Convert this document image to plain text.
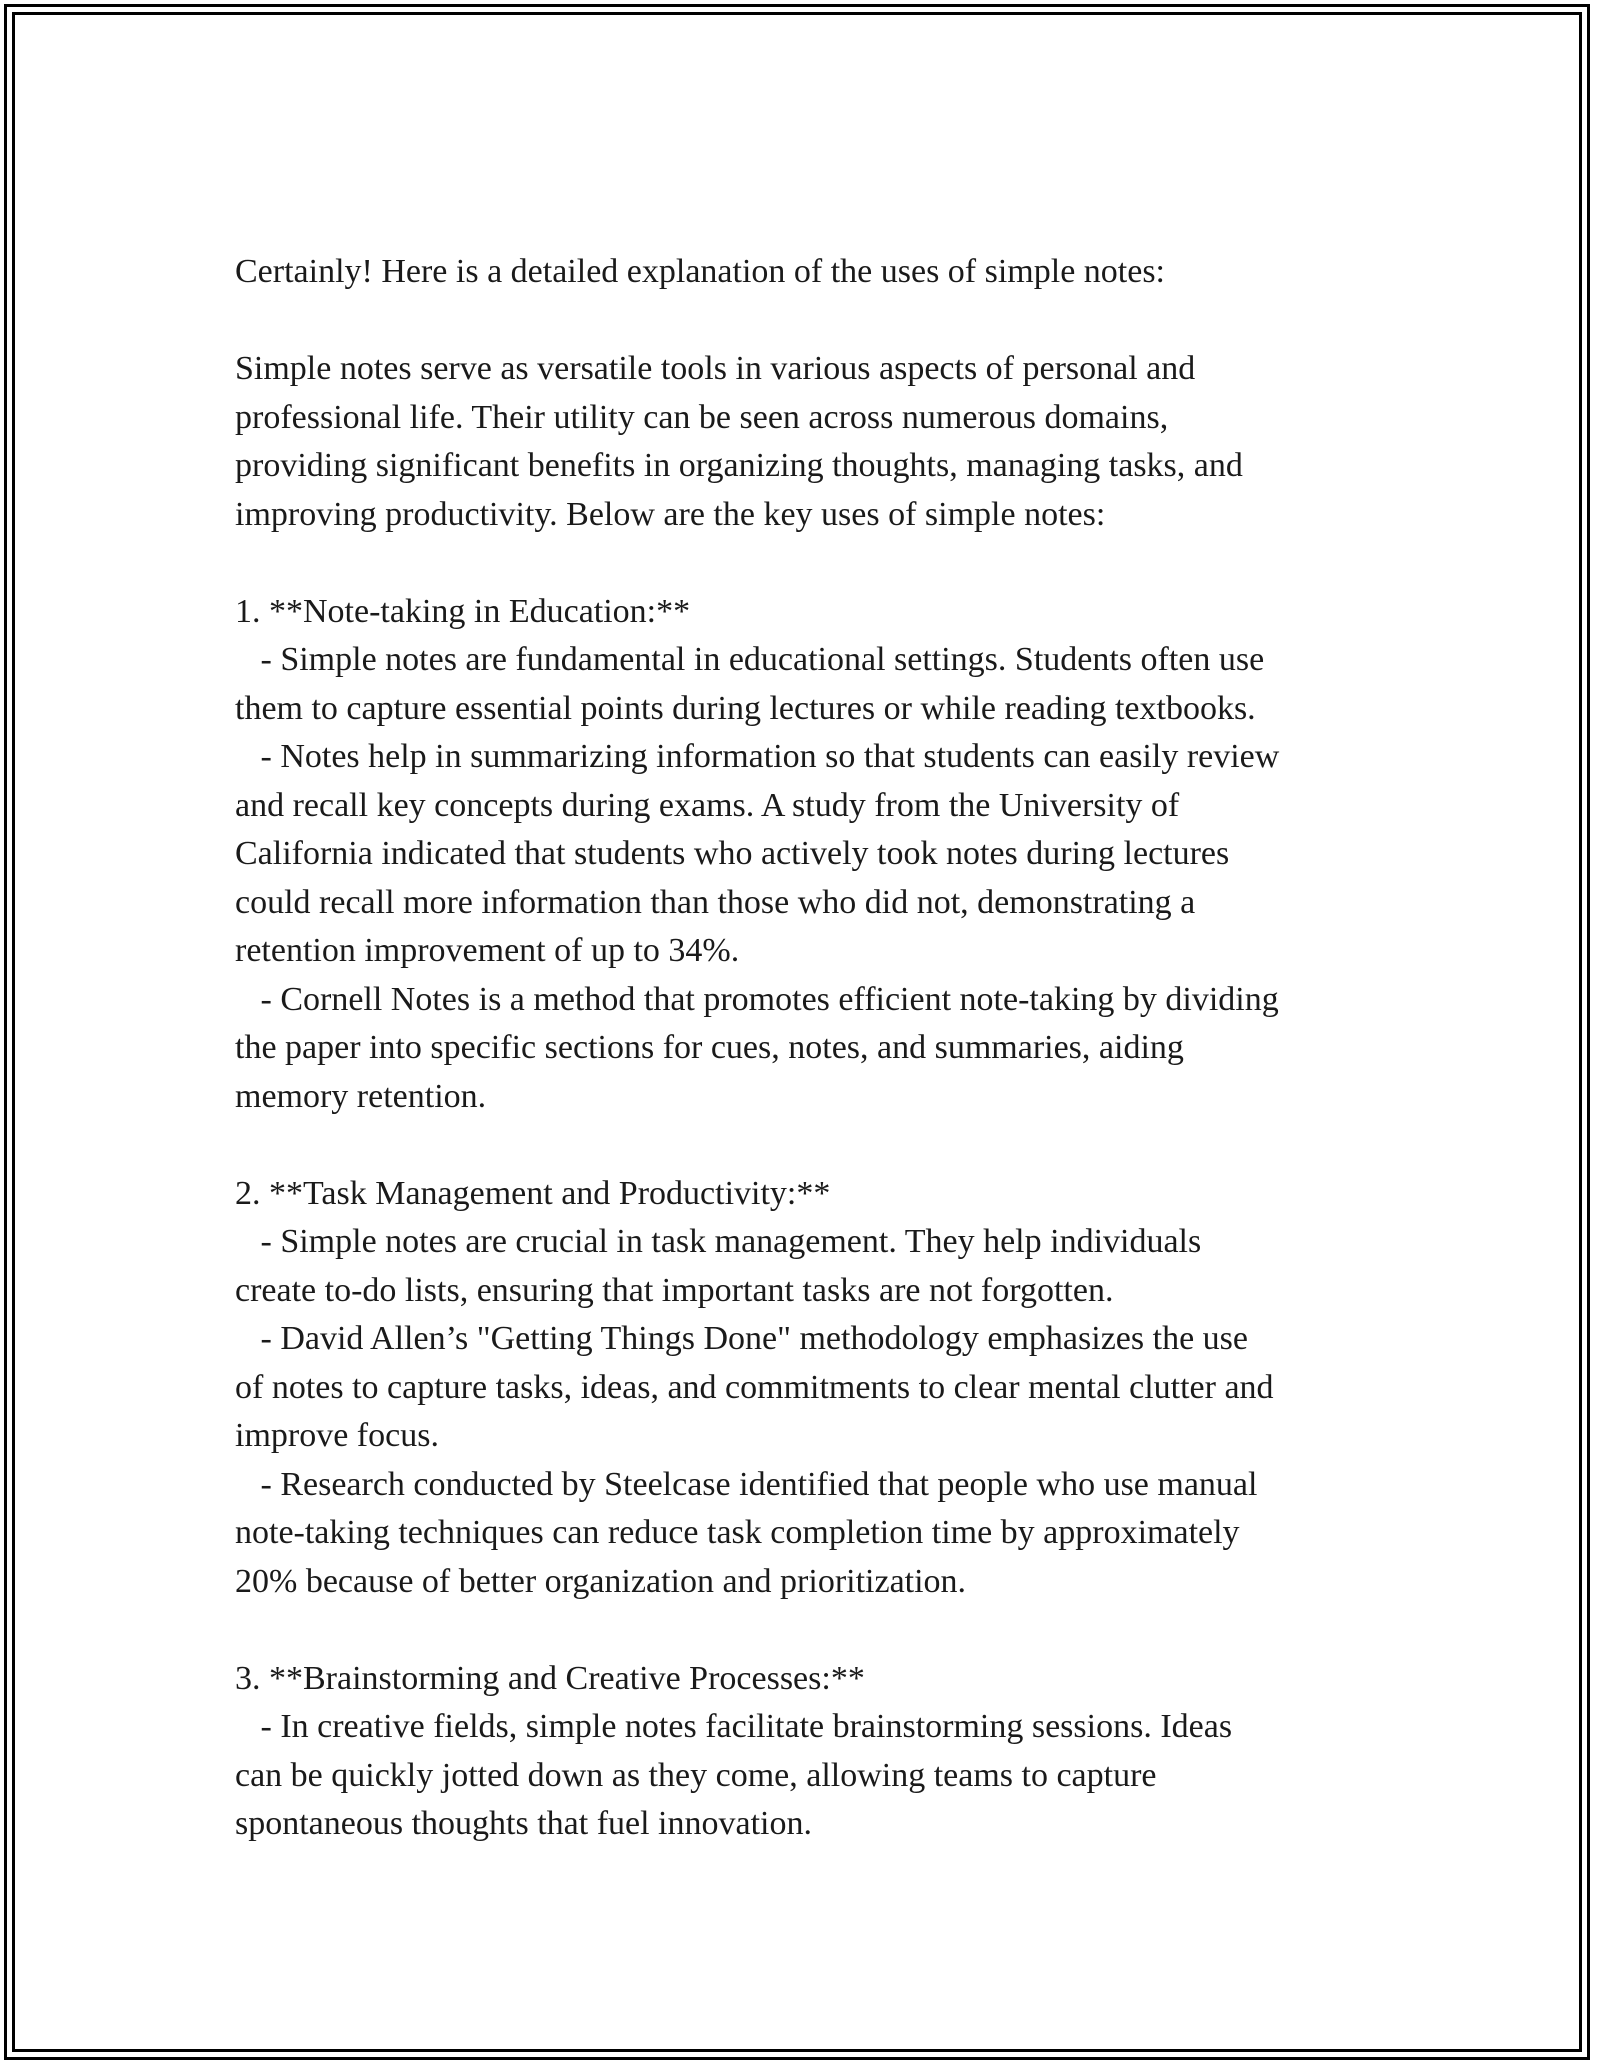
Certainly! Here is a detailed explanation of the uses of simple notes:
Simple notes serve as versatile tools in various aspects of personal and
professional life. Their utility can be seen across numerous domains,
providing significant benefits in organizing thoughts, managing tasks, and
improving productivity. Below are the key uses of simple notes:
1. **Note-taking in Education:**
- Simple notes are fundamental in educational settings. Students often use
them to capture essential points during lectures or while reading textbooks.
- Notes help in summarizing information so that students can easily review
and recall key concepts during exams. A study from the University of
California indicated that students who actively took notes during lectures
could recall more information than those who did not, demonstrating a
retention improvement of up to 34%.
- Cornell Notes is a method that promotes efficient note-taking by dividing
the paper into specific sections for cues, notes, and summaries, aiding
memory retention.
2. **Task Management and Productivity:**
- Simple notes are crucial in task management. They help individuals
create to-do lists, ensuring that important tasks are not forgotten.
- David Allen’s "Getting Things Done" methodology emphasizes the use
of notes to capture tasks, ideas, and commitments to clear mental clutter and
improve focus.
- Research conducted by Steelcase identified that people who use manual
note-taking techniques can reduce task completion time by approximately
20% because of better organization and prioritization.
3. **Brainstorming and Creative Processes:**
- In creative fields, simple notes facilitate brainstorming sessions. Ideas
can be quickly jotted down as they come, allowing teams to capture
spontaneous thoughts that fuel innovation.
